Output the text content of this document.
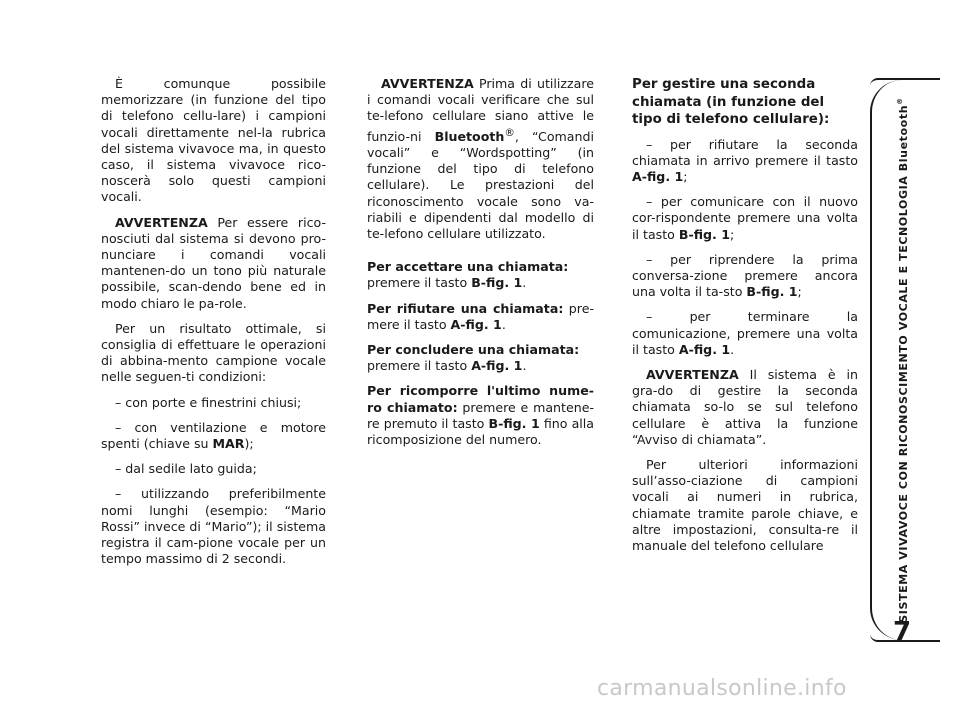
È comunque possibile memorizzare (in funzione del tipo di telefono cellu-lare) i campioni vocali direttamente nel-la rubrica del sistema vivavoce ma, in questo caso, il sistema vivavoce rico-noscerà solo questi campioni vocali.

AVVERTENZA Per essere rico-nosciuti dal sistema si devono pro-nunciare i comandi vocali mantenen-do un tono più naturale possibile, scan-dendo bene ed in modo chiaro le pa-role.

Per un risultato ottimale, si consiglia di effettuare le operazioni di abbina-mento campione vocale nelle seguen-ti condizioni:

– con porte e finestrini chiusi;

– con ventilazione e motore spenti (chiave su MAR);

– dal sedile lato guida;

– utilizzando preferibilmente nomi lunghi (esempio: “Mario Rossi” invece di “Mario”); il sistema registra il cam-pione vocale per un tempo massimo di 2 secondi.

AVVERTENZA Prima di utilizzare i comandi vocali verificare che sul te-lefono cellulare siano attive le funzio-ni Bluetooth®, “Comandi vocali” e “Wordspotting” (in funzione del tipo di telefono cellulare). Le prestazioni del riconoscimento vocale sono va-riabili e dipendenti dal modello di te-lefono cellulare utilizzato.

Per accettare una chiamata:
premere il tasto B-fig. 1.

Per rifiutare una chiamata: pre-mere il tasto A-fig. 1.

Per concludere una chiamata:
premere il tasto A-fig. 1.

Per ricomporre l'ultimo nume-ro chiamato: premere e mantene-re premuto il tasto B-fig. 1 fino alla ricomposizione del numero.

Per gestire una seconda chiamata (in funzione del tipo di telefono cellulare):

– per rifiutare la seconda chiamata in arrivo premere il tasto A-fig. 1;

– per comunicare con il nuovo cor-rispondente premere una volta il tasto B-fig. 1;

– per riprendere la prima conversa-zione premere ancora una volta il ta-sto B-fig. 1;

– per terminare la comunicazione, premere una volta il tasto A-fig. 1.

AVVERTENZA Il sistema è in gra-do di gestire la seconda chiamata so-lo se sul telefono cellulare è attiva la funzione “Avviso di chiamata”.

Per ulteriori informazioni sull’asso-ciazione di campioni vocali ai numeri in rubrica, chiamate tramite parole chiave, e altre impostazioni, consulta-re il manuale del telefono cellulare	SISTEMA VIVAVOCE CON RICONOSCIMENTO VOCALE E TECNOLOGIA Bluetooth®
7
carmanualsonline.info
